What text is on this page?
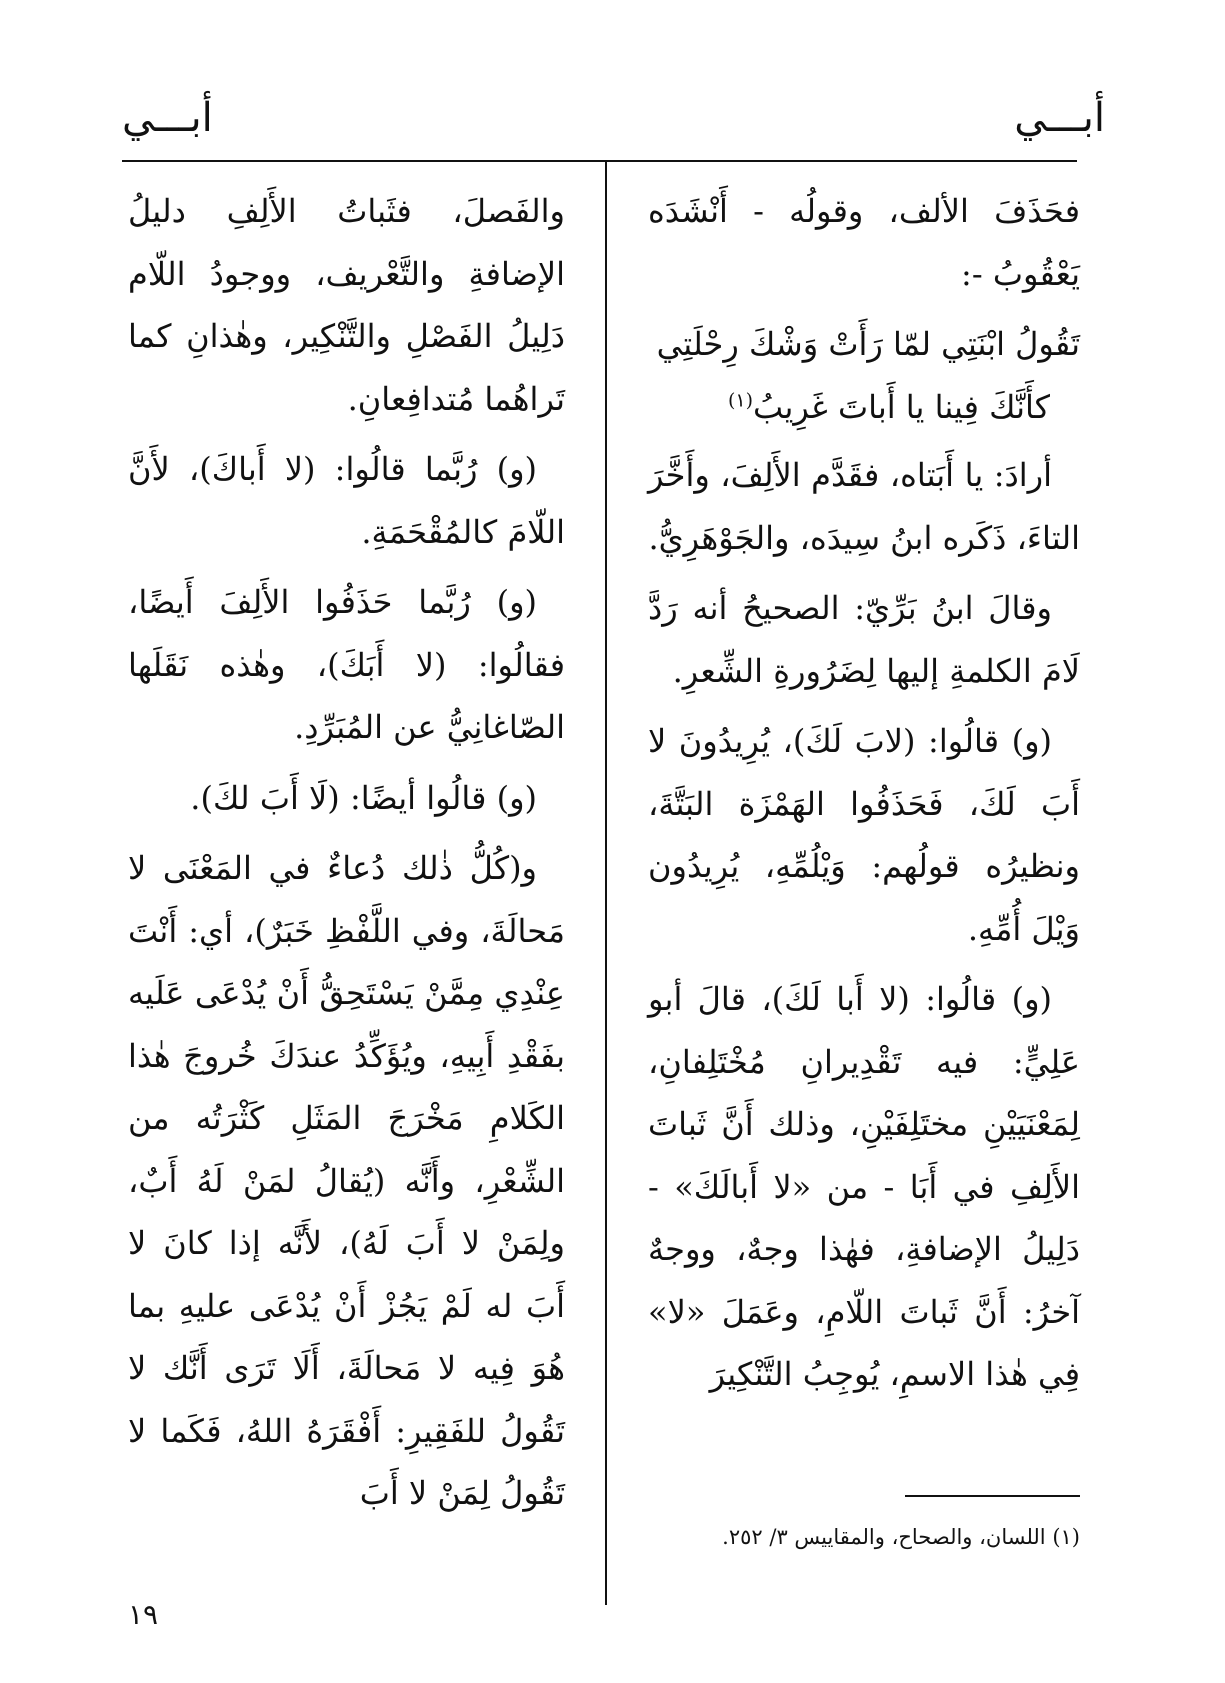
أبـــي
أبـــي

فحَذَفَ الألف، وقولُه - أَنْشَدَه يَعْقُوبُ -:

تَقُولُ ابْنَتِي لمّا رَأَتْ وَشْكَ رِحْلَتِي
كأَنَّكَ فِينا يا أَباتَ غَرِيبُ$^{(١)}$

أرادَ: يا أَبَتاه، فقَدَّم الأَلِفَ، وأَخَّرَ التاءَ، ذَكَره ابنُ سِيدَه، والجَوْهَرِيُّ.

وقالَ ابنُ بَرِّيّ: الصحيحُ أنه رَدَّ لَامَ الكلمةِ إليها لِضَرُورةِ الشِّعرِ.

(و) قالُوا: (لابَ لَكَ)، يُرِيدُونَ لا أَبَ لَكَ، فَحَذَفُوا الهَمْزَة البَتَّةَ، ونظيرُه قولُهم: وَيْلُمِّهِ، يُرِيدُون وَيْلَ أُمِّهِ.

(و) قالُوا: (لا أَبا لَكَ)، قالَ أبو عَلِيٍّ: فيه تَقْدِيرانِ مُخْتَلِفانِ، لِمَعْنَيَيْنِ مختَلِفَيْنِ، وذلك أَنَّ ثَباتَ الأَلِفِ في أَبَا - من «لا أَبالَكَ» - دَلِيلُ الإضافةِ، فهٰذا وجهٌ، ووجهٌ آخرُ: أَنَّ ثَباتَ اللّامِ، وعَمَلَ «لا» فِي هٰذا الاسمِ، يُوجِبُ التَّنْكِيرَ

والفَصلَ، فثَباتُ الأَلِفِ دليلُ الإضافةِ والتَّعْريف، ووجودُ اللّام دَلِيلُ الفَصْلِ والتَّنْكِير، وهٰذانِ كما تَراهُما مُتدافِعانِ.

(و) رُبَّما قالُوا: (لا أَباكَ)، لأَنَّ اللّامَ كالمُقْحَمَةِ.

(و) رُبَّما حَذَفُوا الأَلِفَ أَيضًا، فقالُوا: (لا أَبَكَ)، وهٰذه نَقَلَها الصّاغانِيُّ عن المُبَرِّدِ.

(و) قالُوا أيضًا: (لَا أَبَ لكَ).

و(كُلُّ ذٰلك دُعاءٌ في المَعْنَى لا مَحالَةَ، وفي اللَّفْظِ خَبَرٌ)، أي: أَنْتَ عِنْدِي مِمَّنْ يَسْتَحِقُّ أَنْ يُدْعَى عَلَيه بفَقْدِ أَبِيهِ، ويُؤَكِّدُ عندَكَ خُروجَ هٰذا الكَلامِ مَخْرَجَ المَثَلِ كَثْرَتُه من الشِّعْرِ، وأَنَّه (يُقالُ لمَنْ لَهُ أَبٌ، ولِمَنْ لا أَبَ لَهُ)، لأَنَّه إذا كانَ لا أَبَ له لَمْ يَجُزْ أَنْ يُدْعَى عليهِ بما هُوَ فِيه لا مَحالَةَ، أَلَا تَرَى أَنَّك لا تَقُولُ للفَقِيرِ: أَفْقَرَهُ اللهُ، فَكَما لا تَقُولُ لِمَنْ لا أَبَ

(١) اللسان، والصحاح، والمقاييس ٣/ ٢٥٢.
١٩
